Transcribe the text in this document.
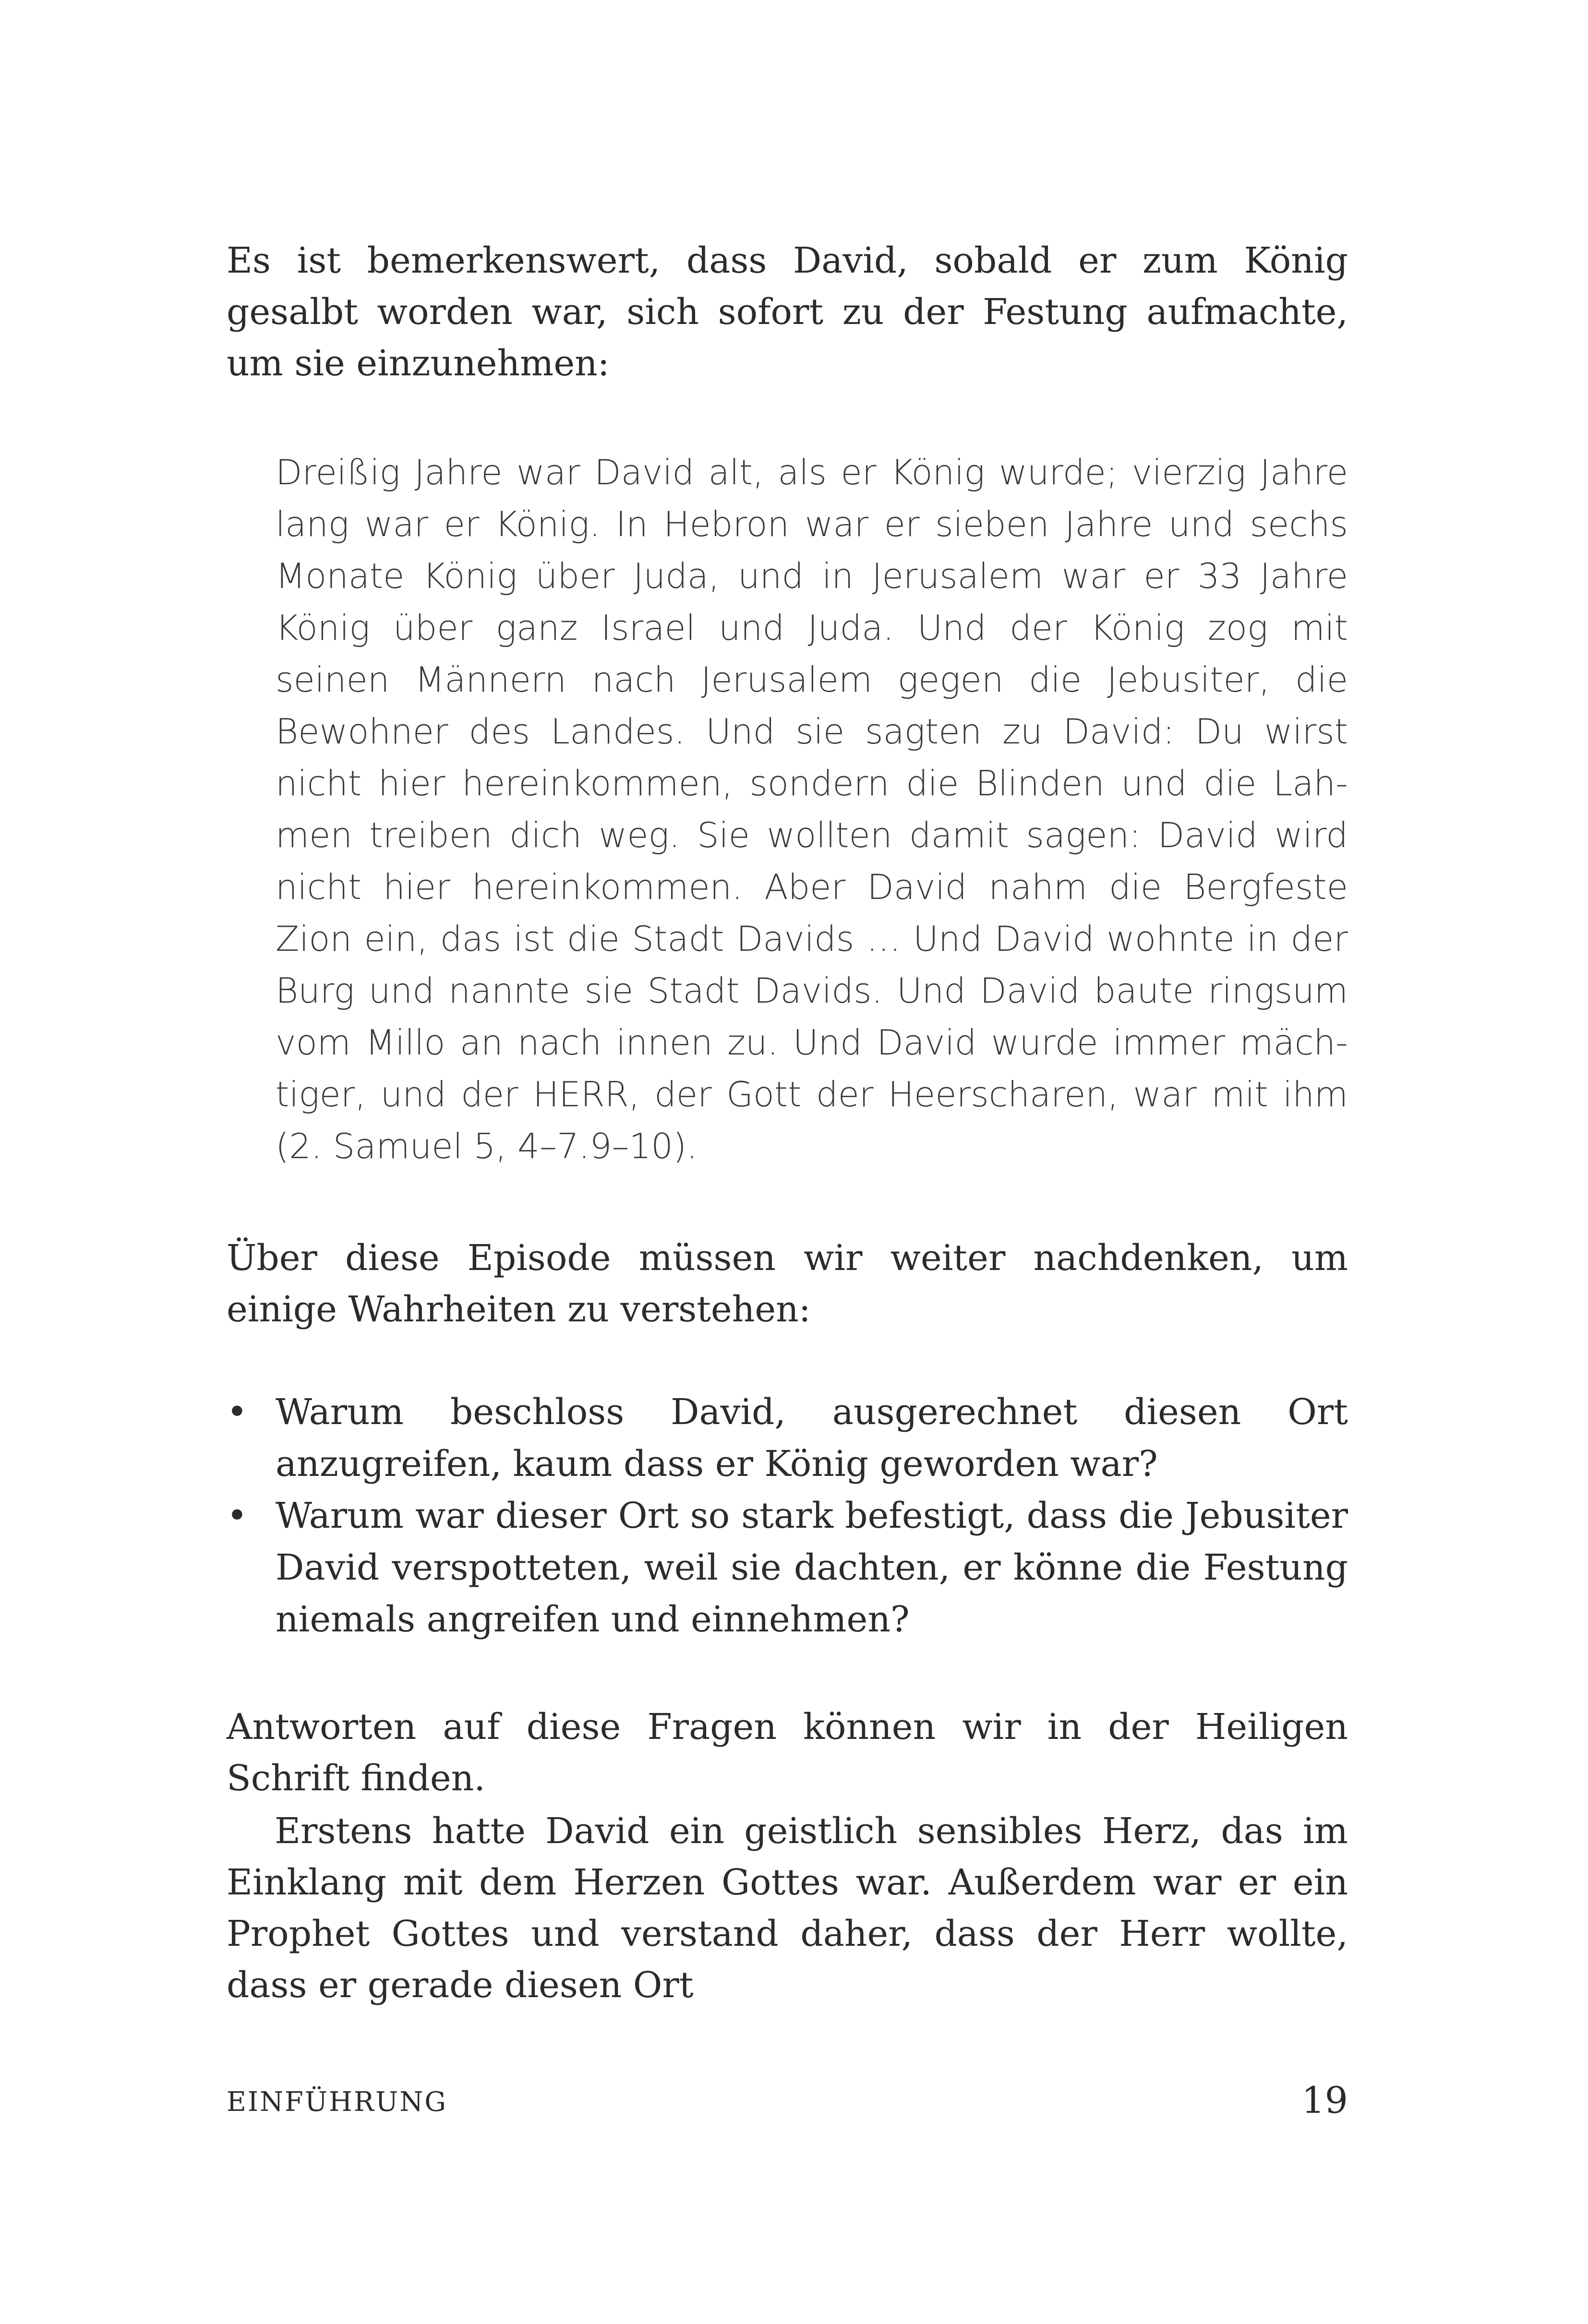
Es ist bemerkenswert, dass David, sobald er zum König gesalbt worden war, sich sofort zu der Festung aufmachte, um sie einzunehmen:

Dreißig Jahre war David alt, als er König wurde; vierzig Jahre lang war er König. In Hebron war er sieben Jahre und sechs Monate König über Juda, und in Jerusalem war er 33 Jahre König über ganz Israel und Juda. Und der König zog mit seinen Männern nach Jerusalem gegen die Jebusiter, die Bewohner des Landes. Und sie sagten zu David: Du wirst nicht hier hereinkommen, sondern die Blinden und die Lahmen treiben dich weg. Sie wollten damit sagen: David wird nicht hier hereinkommen. Aber David nahm die Bergfeste Zion ein, das ist die Stadt Davids … Und David wohnte in der Burg und nannte sie Stadt Davids. Und David baute ringsum vom Millo an nach innen zu. Und David wurde immer mächtiger, und der HERR, der Gott der Heerscharen, war mit ihm (2. Samuel 5, 4–7.9–10).

Über diese Episode müssen wir weiter nachdenken, um einige Wahrheiten zu verstehen:

• Warum beschloss David, ausgerechnet diesen Ort anzugreifen, kaum dass er König geworden war?
• Warum war dieser Ort so stark befestigt, dass die Jebusiter David verspotteten, weil sie dachten, er könne die Festung niemals angreifen und einnehmen?

Antworten auf diese Fragen können wir in der Heiligen Schrift finden.

Erstens hatte David ein geistlich sensibles Herz, das im Einklang mit dem Herzen Gottes war. Außerdem war er ein Prophet Gottes und verstand daher, dass der Herr wollte, dass er gerade diesen Ort

EINFÜHRUNG	19
